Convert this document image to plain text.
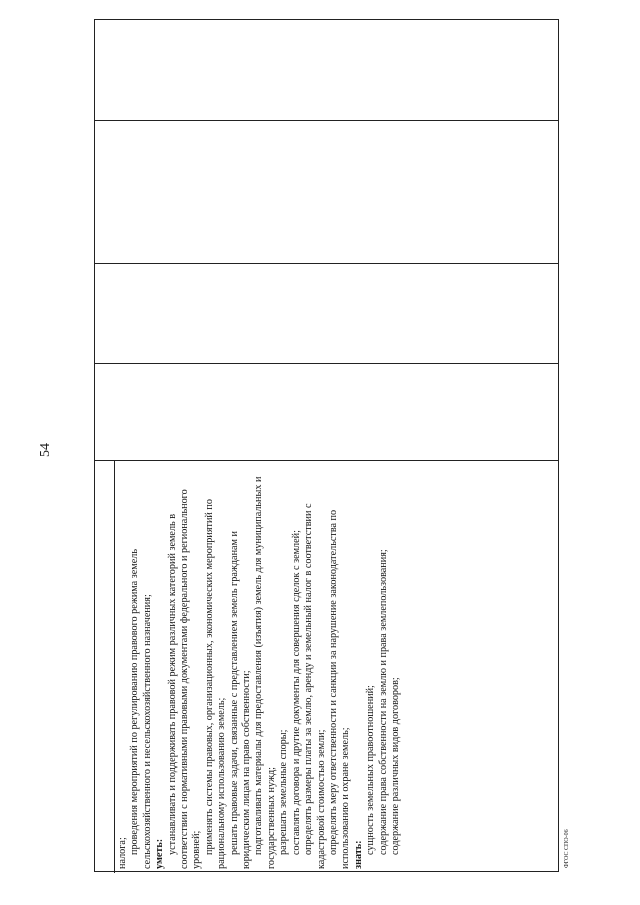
54

налога; проведения мероприятий по регулированию правового режима земель сельскохозяйственного и несельскохозяйственного назначения; уметь: устанавливать и поддерживать правовой режим различных категорий земель в соответствии с нормативными правовыми документами федерального и регионального уровней; применять системы правовых, организационных, экономических мероприятий по рациональному использованию земель; решать правовые задачи, связанные с представлением земель гражданам и юридическим лицам на право собственности; подготавливать материалы для предоставления (изъятия) земель для муниципальных и государственных нужд; разрешать земельные споры; составлять договора и другие документы для совершения сделок с землей; определять размеры платы за землю, аренду и земельный налог в соответствии с кадастровой стоимостью земли; определять меру ответственности и санкции за нарушение законодательства по использованию и охране земель; знать: сущность земельных правоотношений; содержание права собственности на землю и права землепользования; содержание различных видов договоров;	ФГОС СПО-06
